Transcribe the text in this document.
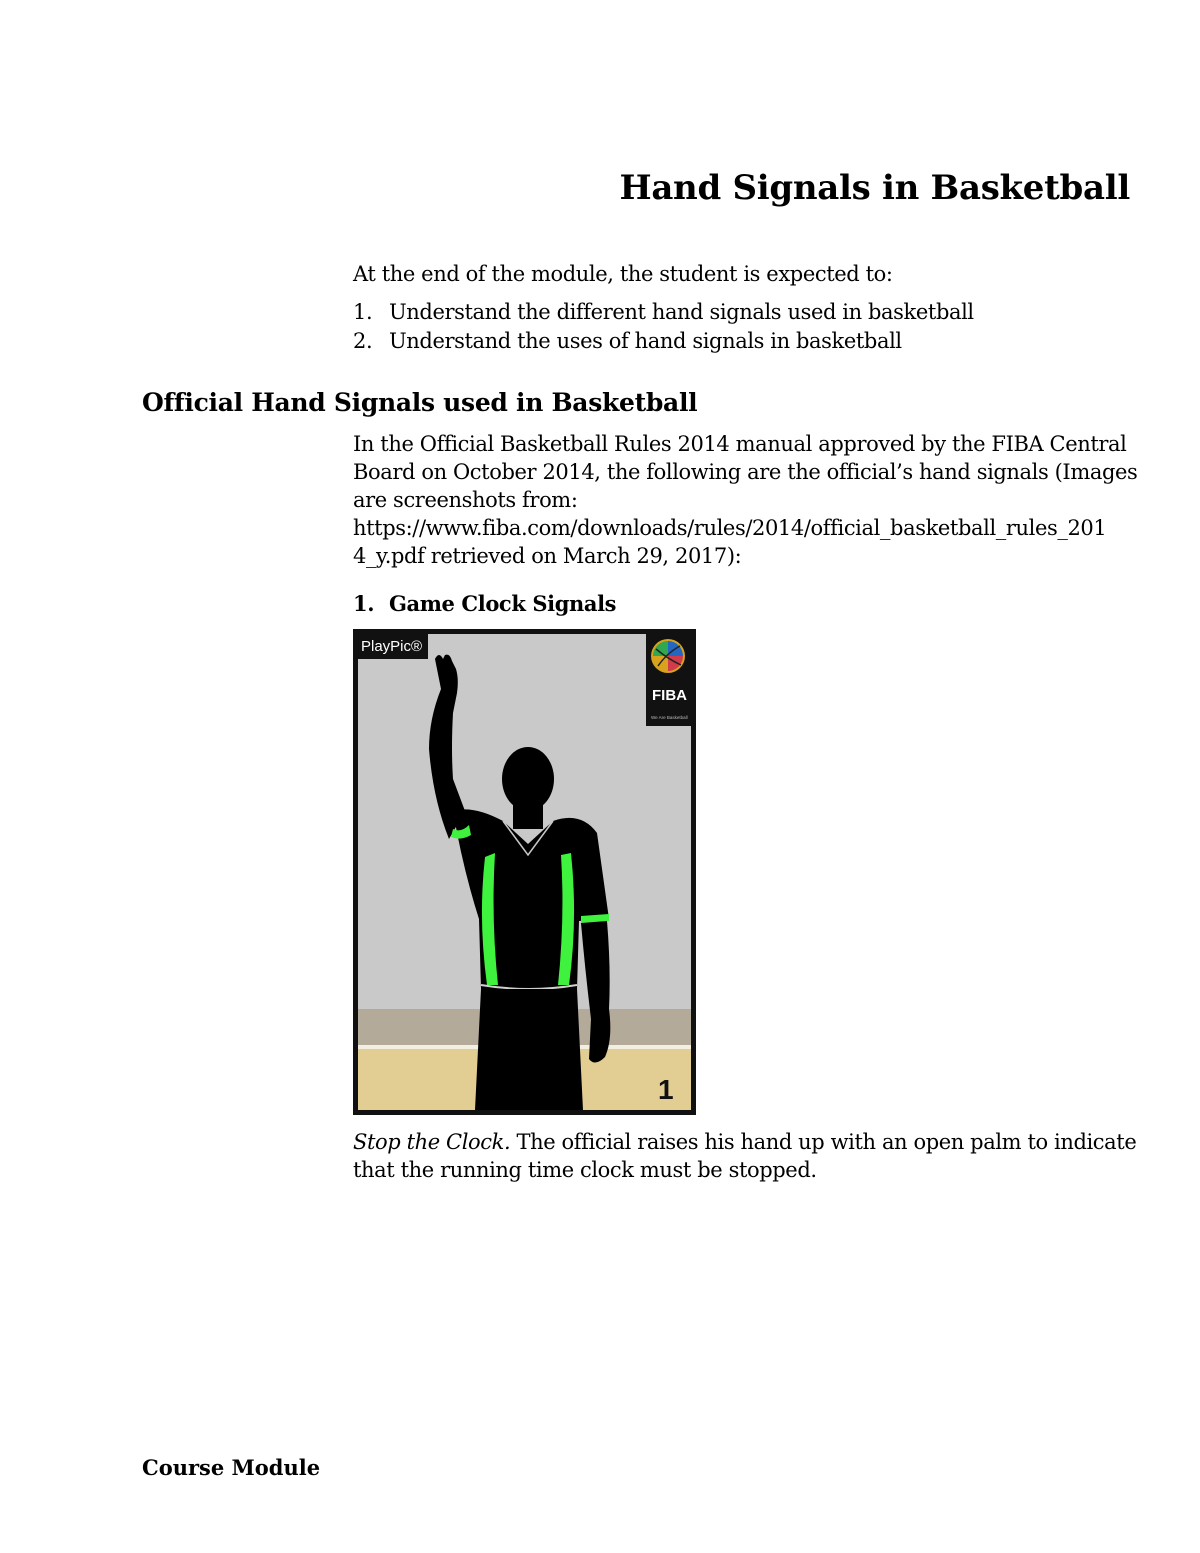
Hand Signals in Basketball
At the end of the module, the student is expected to:
1. Understand the different hand signals used in basketball
2. Understand the uses of hand signals in basketball
Official Hand Signals used in Basketball
In the Official Basketball Rules 2014 manual approved by the FIBA Central
Board on October 2014, the following are the official’s hand signals (Images
are screenshots from:
https://www.fiba.com/downloads/rules/2014/official_basketball_rules_201
4_y.pdf retrieved on March 29, 2017):
1. Game Clock Signals
PlayPic®
FIBA
We Are Basketball
1
Stop the Clock. The official raises his hand up with an open palm to indicate
that the running time clock must be stopped.
Course Module
